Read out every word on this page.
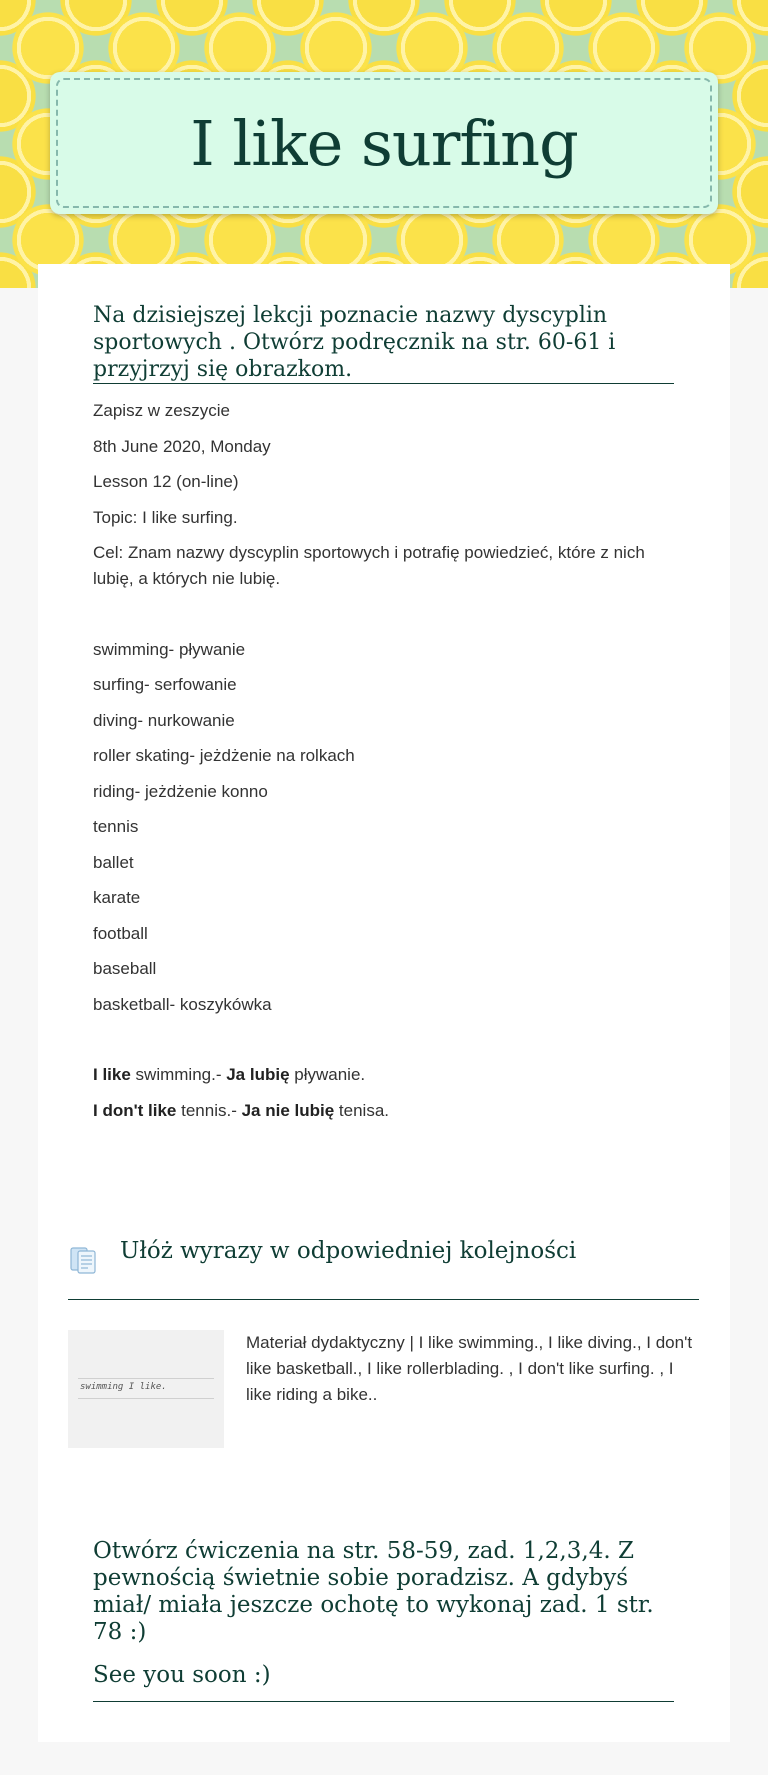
I like surfing
Na dzisiejszej lekcji poznacie nazwy dyscyplin sportowych . Otwórz podręcznik na str. 60-61 i przyjrzyj się obrazkom.

Zapisz w zeszycie

8th June 2020, Monday

Lesson 12 (on-line)

Topic: I like surfing.

Cel: Znam nazwy dyscyplin sportowych i potrafię powiedzieć, które z nich lubię, a których nie lubię.

swimming- pływanie

surfing- serfowanie

diving- nurkowanie

roller skating- jeżdżenie na rolkach

riding- jeżdżenie konno

tennis

ballet

karate

football

baseball

basketball- koszykówka

I like swimming.- Ja lubię pływanie.

I don't like tennis.- Ja nie lubię tenisa.

Ułóż wyrazy w odpowiedniej kolejności
swimming I like.

Materiał dydaktyczny | I like swimming., I like diving., I don't like basketball., I like rollerblading. , I don't like surfing. , I like riding a bike..

Otwórz ćwiczenia na str. 58-59, zad. 1,2,3,4. Z pewnością świetnie sobie poradzisz. A gdybyś miał/ miała jeszcze ochotę to wykonaj zad. 1 str. 78 :)
See you soon :)
